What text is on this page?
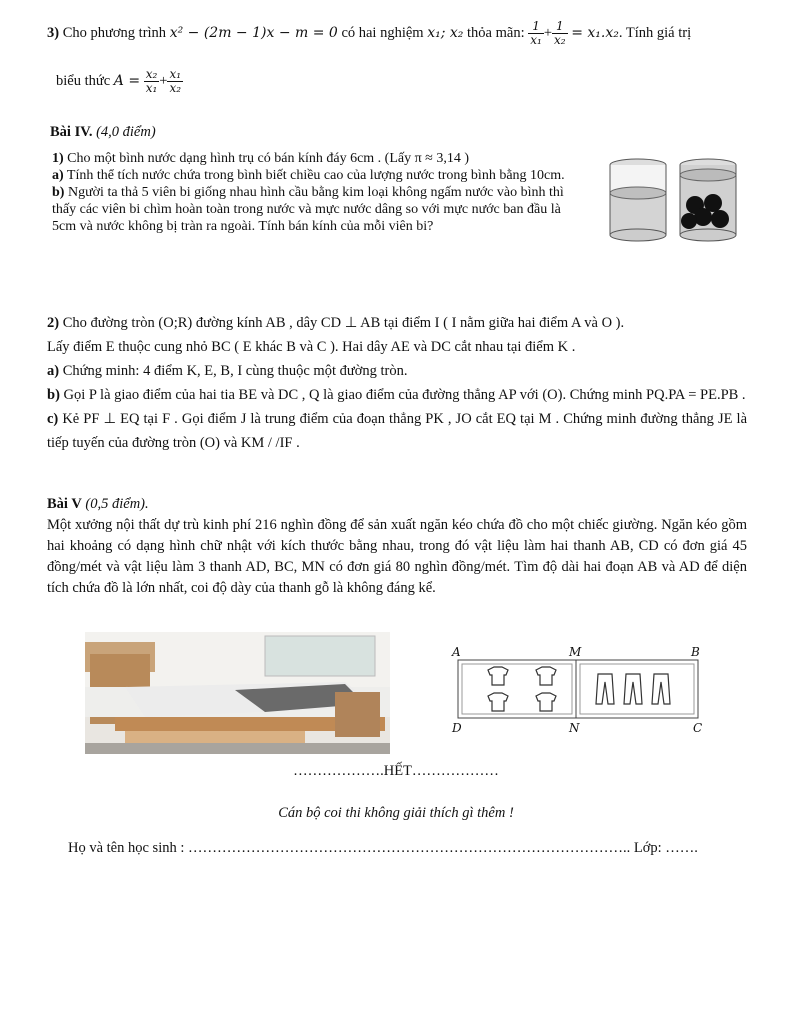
3) Cho phương trình x² − (2m − 1)x − m = 0 có hai nghiệm x₁; x₂ thỏa mãn: $\frac{1}{\text{x₁}} + \frac{1}{\text{x₂}} = x_1.x_2$. Tính giá trị
biểu thức $A = \frac{\text{x₂}}{\text{x₁}} + \frac{\text{x₁}}{\text{x₂}}$
Bài IV. (4,0 điểm)
1) Cho một bình nước dạng hình trụ có bán kính đáy 6cm . (Lấy π ≈ 3,14 )
a) Tính thể tích nước chứa trong bình biết chiều cao của lượng nước trong bình bằng 10cm.
b) Người ta thả 5 viên bi giống nhau hình cầu bằng kim loại không ngấm nước vào bình thì thấy các viên bi chìm hoàn toàn trong nước và mực nước dâng so với mực nước ban đầu là 5cm và nước không bị tràn ra ngoài. Tính bán kính của mỗi viên bi?
2) Cho đường tròn (O;R) đường kính AB , dây CD ⊥ AB tại điểm I ( I nằm giữa hai điểm A và O ).
Lấy điểm E thuộc cung nhỏ BC ( E khác B và C ). Hai dây AE và DC cắt nhau tại điểm K .
a) Chứng minh: 4 điểm K, E, B, I cùng thuộc một đường tròn.
b) Gọi P là giao điểm của hai tia BE và DC , Q là giao điểm của đường thẳng AP với (O). Chứng minh PQ.PA = PE.PB .
c) Kẻ PF ⊥ EQ tại F . Gọi điểm J là trung điểm của đoạn thẳng PK , JO cắt EQ tại M . Chứng minh đường thẳng JE là tiếp tuyến của đường tròn (O) và KM / /IF .
Bài V (0,5 điểm).
Một xưởng nội thất dự trù kinh phí 216 nghìn đồng để sản xuất ngăn kéo chứa đồ cho một chiếc giường. Ngăn kéo gồm hai khoảng có dạng hình chữ nhật với kích thước bằng nhau, trong đó vật liệu làm hai thanh AB, CD có đơn giá 45 đồng/mét và vật liệu làm 3 thanh AD, BC, MN có đơn giá 80 nghìn đồng/mét. Tìm độ dài hai đoạn AB và AD để diện tích chứa đồ là lớn nhất, coi độ dày của thanh gỗ là không đáng kể.
A	M	B
D	N	C
……………….HẾT………………
Cán bộ coi thi không giải thích gì thêm !
Họ và tên học sinh : ……………………………………………………………………………….. Lớp: …….
